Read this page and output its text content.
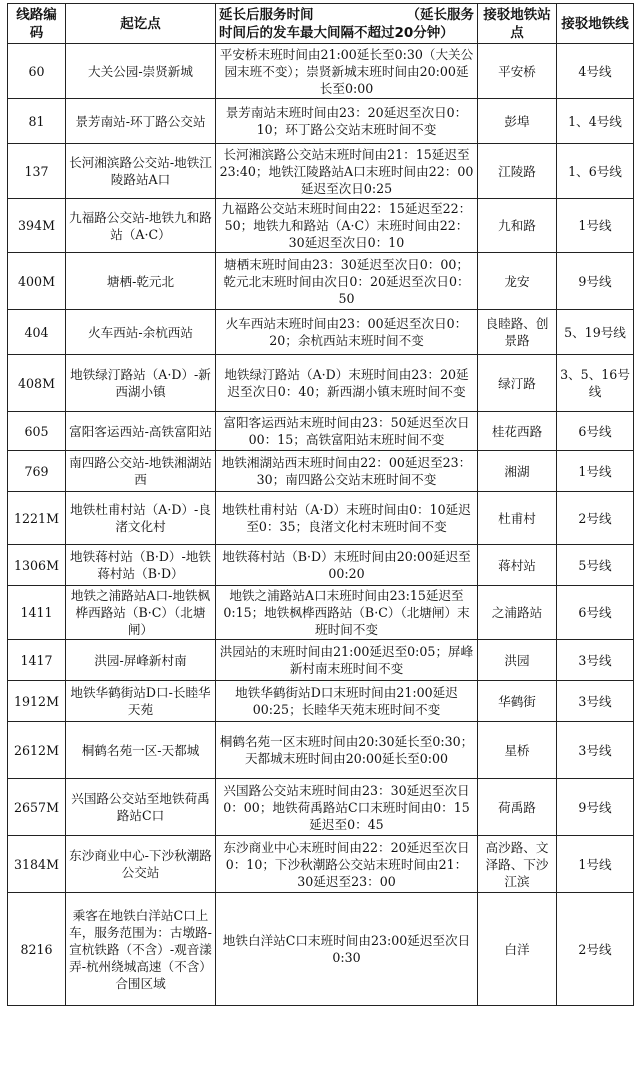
线路编码	起讫点	延长后服务时间 （延长服务
时间后的发车最大间隔不超过20分钟）	接驳地铁站点	接驳地铁线
60	大关公园-崇贤新城	平安桥末班时间由21:00延长至0:30（大关公园末班不变）；崇贤新城末班时间由20:00延长至0:00	平安桥	4号线
81	景芳南站-环丁路公交站	景芳南站末班时间由23：20延迟至次日0：10；环丁路公交站末班时间不变	彭埠	1、4号线
137	长河湘滨路公交站-地铁江陵路站A口	长河湘滨路公交站末班时间由21：15延迟至23:40；地铁江陵路站A口末班时间由22：00延迟至次日0:25	江陵路	1、6号线
394M	九福路公交站-地铁九和路站（A·C）	九福路公交站末班时间由22：15延迟至22：50；地铁九和路站（A·C）末班时间由22：30延迟至次日0：10	九和路	1号线
400M	塘栖-乾元北	塘栖末班时间由23：30延迟至次日0：00；乾元北末班时间由次日0：20延迟至次日0：50	龙安	9号线
404	火车西站-余杭西站	火车西站末班时间由23：00延迟至次日0：20；余杭西站末班时间不变	良睦路、创景路	5、19号线
408M	地铁绿汀路站（A·D）-新西湖小镇	地铁绿汀路站（A·D）末班时间由23：20延迟至次日0：40；新西湖小镇末班时间不变	绿汀路	3、5、16号线
605	富阳客运西站-高铁富阳站	富阳客运西站末班时间由23：50延迟至次日00：15；高铁富阳站末班时间不变	桂花西路	6号线
769	南四路公交站-地铁湘湖站西	地铁湘湖站西末班时间由22：00延迟至23：30；南四路公交站末班时间不变	湘湖	1号线
1221M	地铁杜甫村站（A·D）-良渚文化村	地铁杜甫村站（A·D）末班时间由0：10延迟至0：35；良渚文化村末班时间不变	杜甫村	2号线
1306M	地铁蒋村站（B·D）-地铁蒋村站（B·D）	地铁蒋村站（B·D）末班时间由20:00延迟至00:20	蒋村站	5号线
1411	地铁之浦路站A口-地铁枫桦西路站（B·C）（北塘闸）	地铁之浦路站A口末班时间由23:15延迟至0:15；地铁枫桦西路站（B·C）（北塘闸）末班时间不变	之浦路站	6号线
1417	洪园-屏峰新村南	洪园站的末班时间由21:00延迟至0:05；屏峰新村南末班时间不变	洪园	3号线
1912M	地铁华鹤街站D口-长睦华天苑	地铁华鹤街站D口末班时间由21:00延迟00:25；长睦华天苑末班时间不变	华鹤街	3号线
2612M	桐鹤名苑一区-天都城	桐鹤名苑一区末班时间由20:30延长至0:30；天都城末班时间由20:00延长至0:00	星桥	3号线
2657M	兴国路公交站至地铁荷禹路站C口	兴国路公交站末班时间由23：30延迟至次日0：00；地铁荷禹路站C口末班时间由0：15延迟至0：45	荷禹路	9号线
3184M	东沙商业中心-下沙秋潮路公交站	东沙商业中心末班时间由22：20延迟至次日0：10；下沙秋潮路公交站末班时间由21：30延迟至23：00	高沙路、文泽路、下沙江滨	1号线
8216	乘客在地铁白洋站C口上车，服务范围为：古墩路-宣杭铁路（不含）-观音漾弄-杭州绕城高速（不含）合围区域	地铁白洋站C口末班时间由23:00延迟至次日0:30	白洋	2号线
